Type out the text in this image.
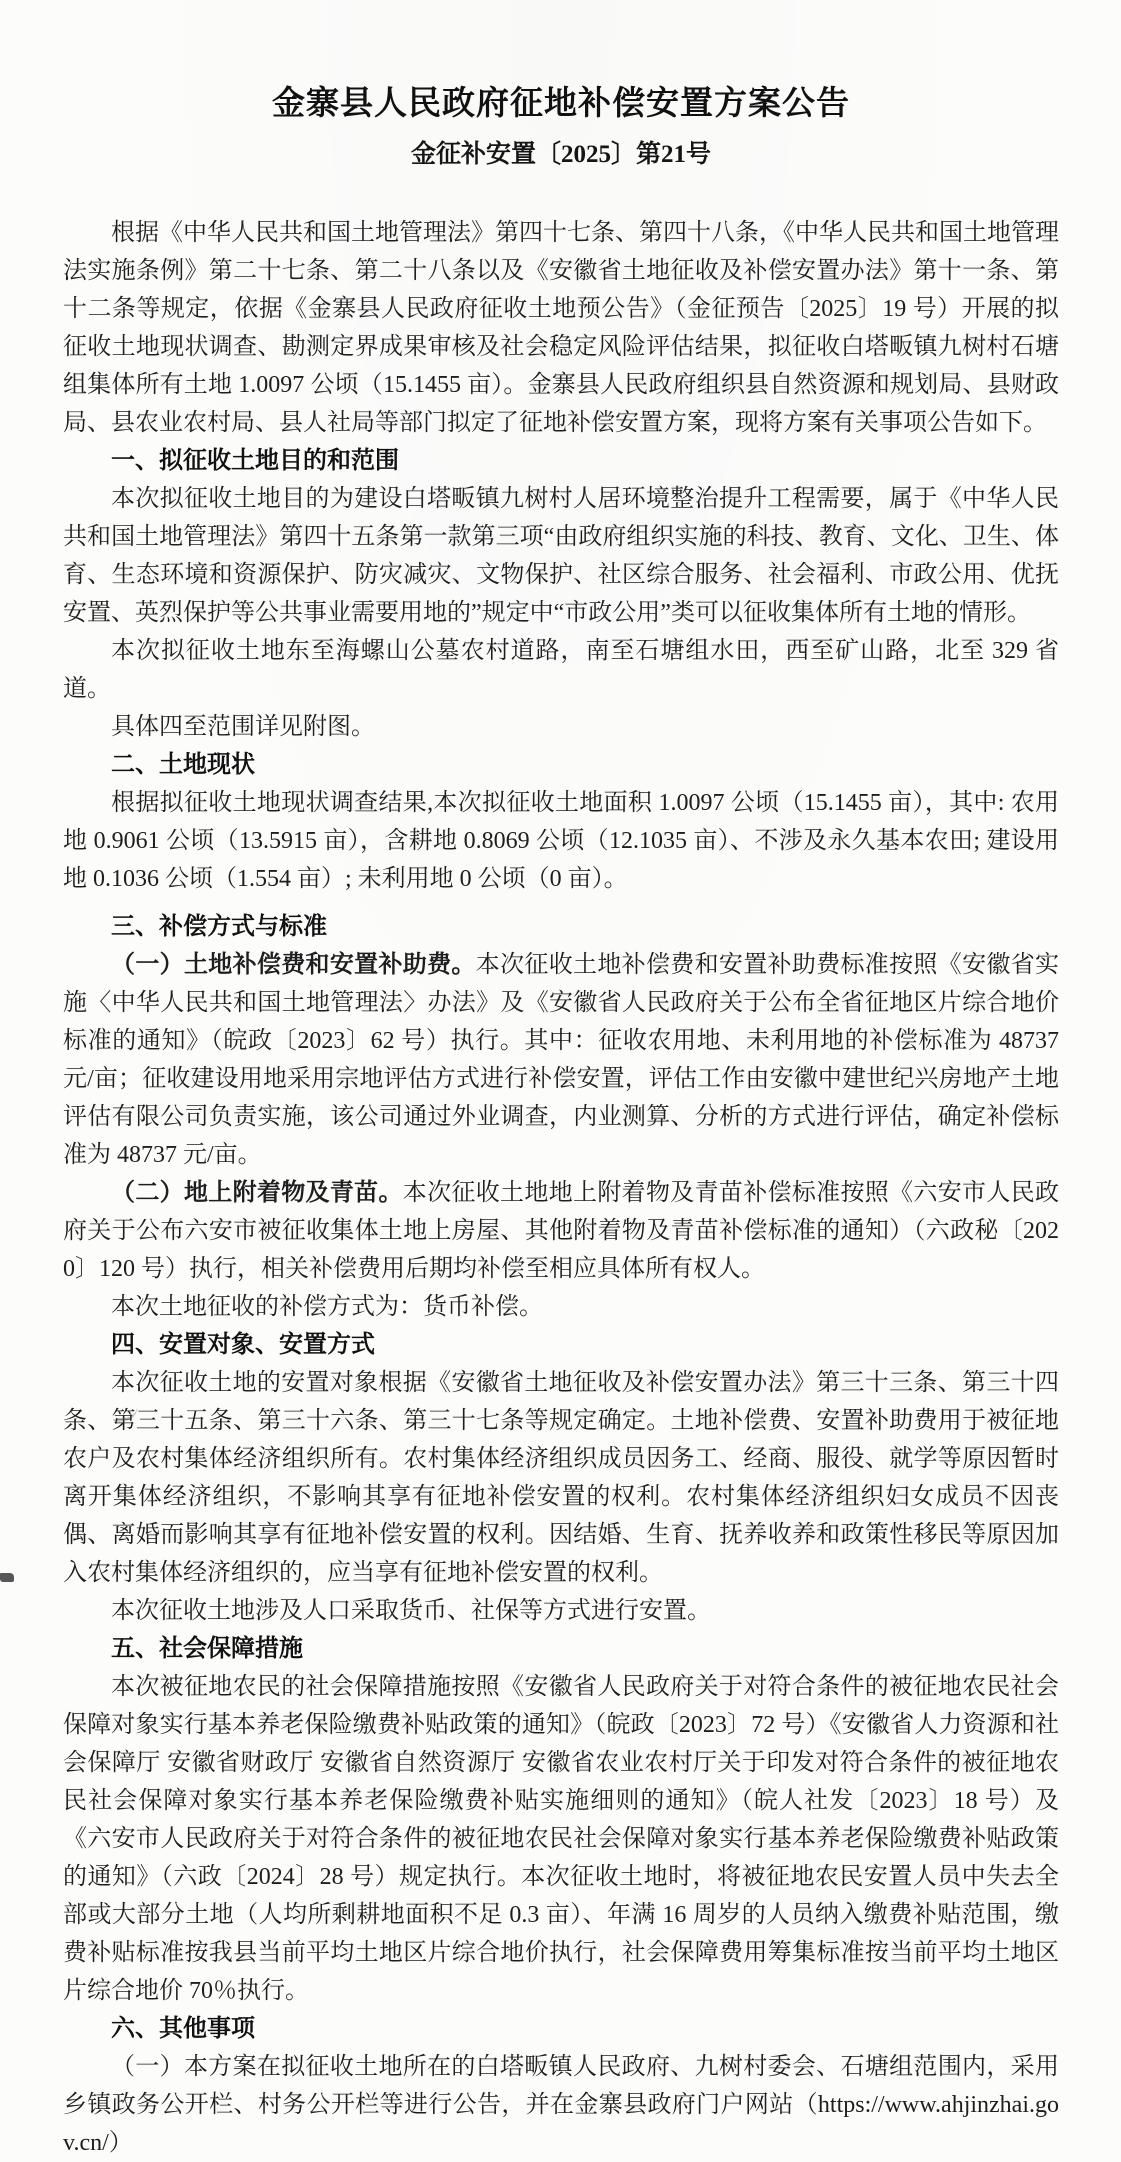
金寨县人民政府征地补偿安置方案公告
金征补安置〔2025〕第21号

根据《中华人民共和国土地管理法》第四十七条、第四十八条，《中华人民共和国土地管理法实施条例》第二十七条、第二十八条以及《安徽省土地征收及补偿安置办法》第十一条、第十二条等规定，依据《金寨县人民政府征收土地预公告》（金征预告〔2025〕19 号）开展的拟征收土地现状调查、勘测定界成果审核及社会稳定风险评估结果，拟征收白塔畈镇九树村石塘组集体所有土地 1.0097 公顷（15.1455 亩）。金寨县人民政府组织县自然资源和规划局、县财政局、县农业农村局、县人社局等部门拟定了征地补偿安置方案，现将方案有关事项公告如下。

一、拟征收土地目的和范围

本次拟征收土地目的为建设白塔畈镇九树村人居环境整治提升工程需要，属于《中华人民共和国土地管理法》第四十五条第一款第三项“由政府组织实施的科技、教育、文化、卫生、体育、生态环境和资源保护、防灾减灾、文物保护、社区综合服务、社会福利、市政公用、优抚安置、英烈保护等公共事业需要用地的”规定中“市政公用”类可以征收集体所有土地的情形。

本次拟征收土地东至海螺山公墓农村道路，南至石塘组水田，西至矿山路，北至 329 省道。

具体四至范围详见附图。

二、土地现状

根据拟征收土地现状调查结果,本次拟征收土地面积 1.0097 公顷（15.1455 亩），其中: 农用地 0.9061 公顷（13.5915 亩），含耕地 0.8069 公顷（12.1035 亩）、不涉及永久基本农田; 建设用地 0.1036 公顷（1.554 亩）; 未利用地 0 公顷（0 亩）。

三、补偿方式与标准

（一）土地补偿费和安置补助费。本次征收土地补偿费和安置补助费标准按照《安徽省实施〈中华人民共和国土地管理法〉办法》及《安徽省人民政府关于公布全省征地区片综合地价标准的通知》（皖政〔2023〕62 号）执行。其中：征收农用地、未利用地的补偿标准为 48737 元/亩；征收建设用地采用宗地评估方式进行补偿安置，评估工作由安徽中建世纪兴房地产土地评估有限公司负责实施，该公司通过外业调查，内业测算、分析的方式进行评估，确定补偿标准为 48737 元/亩。

（二）地上附着物及青苗。本次征收土地地上附着物及青苗补偿标准按照《六安市人民政府关于公布六安市被征收集体土地上房屋、其他附着物及青苗补偿标准的通知）（六政秘〔2020〕120 号）执行，相关补偿费用后期均补偿至相应具体所有权人。

本次土地征收的补偿方式为：货币补偿。

四、安置对象、安置方式

本次征收土地的安置对象根据《安徽省土地征收及补偿安置办法》第三十三条、第三十四条、第三十五条、第三十六条、第三十七条等规定确定。土地补偿费、安置补助费用于被征地农户及农村集体经济组织所有。农村集体经济组织成员因务工、经商、服役、就学等原因暂时离开集体经济组织，不影响其享有征地补偿安置的权利。农村集体经济组织妇女成员不因丧偶、离婚而影响其享有征地补偿安置的权利。因结婚、生育、抚养收养和政策性移民等原因加入农村集体经济组织的，应当享有征地补偿安置的权利。

本次征收土地涉及人口采取货币、社保等方式进行安置。

五、社会保障措施

本次被征地农民的社会保障措施按照《安徽省人民政府关于对符合条件的被征地农民社会保障对象实行基本养老保险缴费补贴政策的通知》（皖政〔2023〕72 号）《安徽省人力资源和社会保障厅 安徽省财政厅 安徽省自然资源厅 安徽省农业农村厅关于印发对符合条件的被征地农民社会保障对象实行基本养老保险缴费补贴实施细则的通知》（皖人社发〔2023〕18 号）及《六安市人民政府关于对符合条件的被征地农民社会保障对象实行基本养老保险缴费补贴政策的通知》（六政〔2024〕28 号）规定执行。本次征收土地时，将被征地农民安置人员中失去全部或大部分土地（人均所剩耕地面积不足 0.3 亩）、年满 16 周岁的人员纳入缴费补贴范围，缴费补贴标准按我县当前平均土地区片综合地价执行，社会保障费用筹集标准按当前平均土地区片综合地价 70％执行。

六、其他事项

（一）本方案在拟征收土地所在的白塔畈镇人民政府、九树村委会、石塘组范围内，采用乡镇政务公开栏、村务公开栏等进行公告，并在金寨县政府门户网站（https://www.ahjinzhai.gov.cn/）
